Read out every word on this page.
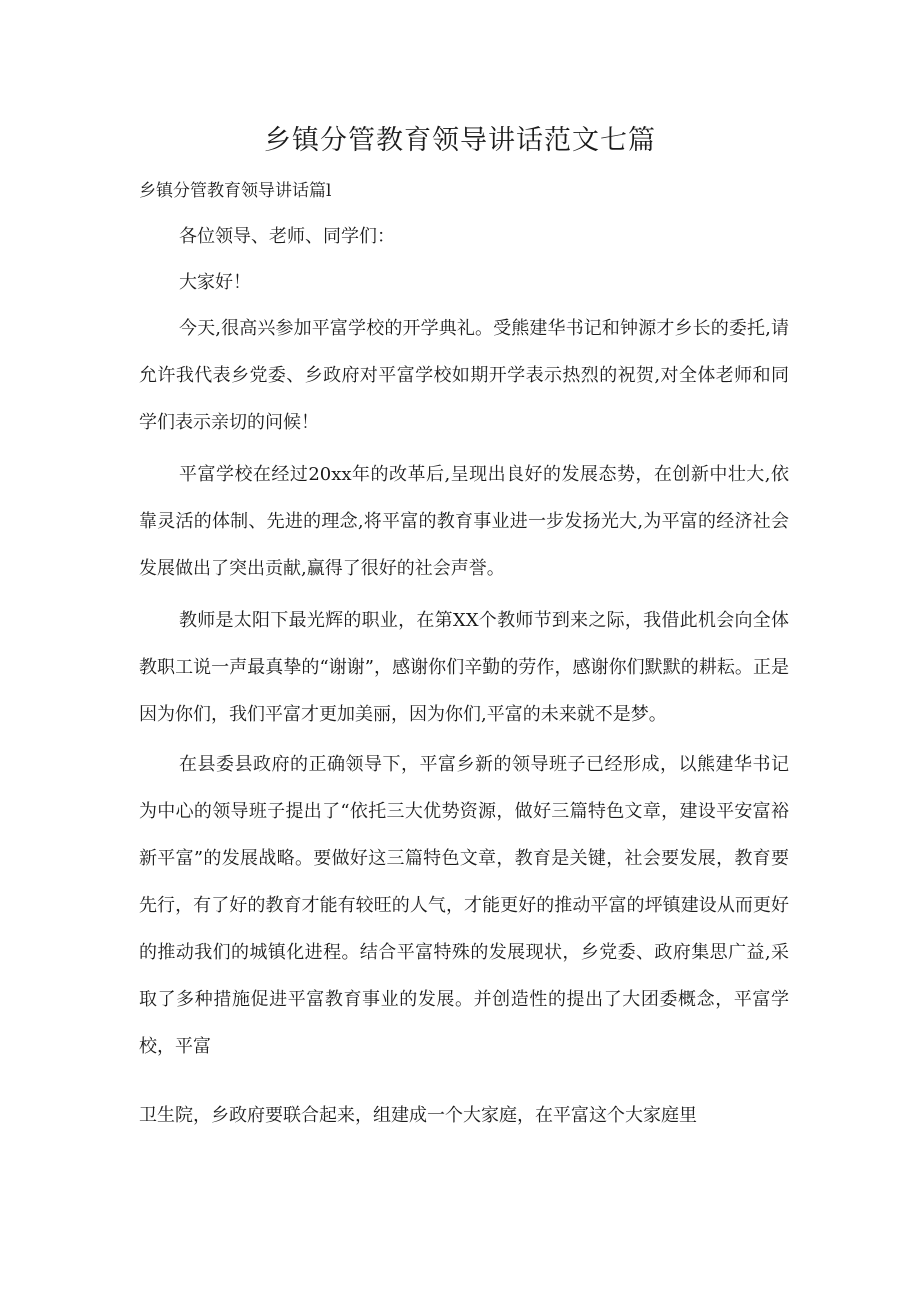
乡镇分管教育领导讲话范文七篇
乡镇分管教育领导讲话篇l

各位领导、老师、同学们：

大家好！

今天,很高兴参加平富学校的开学典礼。受熊建华书记和钟源才乡长的委托,请允许我代表乡党委、乡政府对平富学校如期开学表示热烈的祝贺,对全体老师和同学们表示亲切的问候！

平富学校在经过20xx年的改革后,呈现出良好的发展态势，在创新中壮大,依靠灵活的体制、先进的理念,将平富的教育事业进一步发扬光大,为平富的经济社会发展做出了突出贡献,赢得了很好的社会声誉。

教师是太阳下最光辉的职业，在第XX个教师节到来之际，我借此机会向全体教职工说一声最真挚的“谢谢”，感谢你们辛勤的劳作，感谢你们默默的耕耘。正是因为你们，我们平富才更加美丽，因为你们,平富的未来就不是梦。

在县委县政府的正确领导下，平富乡新的领导班子已经形成，以熊建华书记为中心的领导班子提出了“依托三大优势资源，做好三篇特色文章，建设平安富裕新平富”的发展战略。要做好这三篇特色文章，教育是关键，社会要发展，教育要先行，有了好的教育才能有较旺的人气，才能更好的推动平富的坪镇建设从而更好的推动我们的城镇化进程。结合平富特殊的发展现状，乡党委、政府集思广益,采取了多种措施促进平富教育事业的发展。并创造性的提出了大团委概念，平富学校，平富

卫生院，乡政府要联合起来，组建成一个大家庭，在平富这个大家庭里
